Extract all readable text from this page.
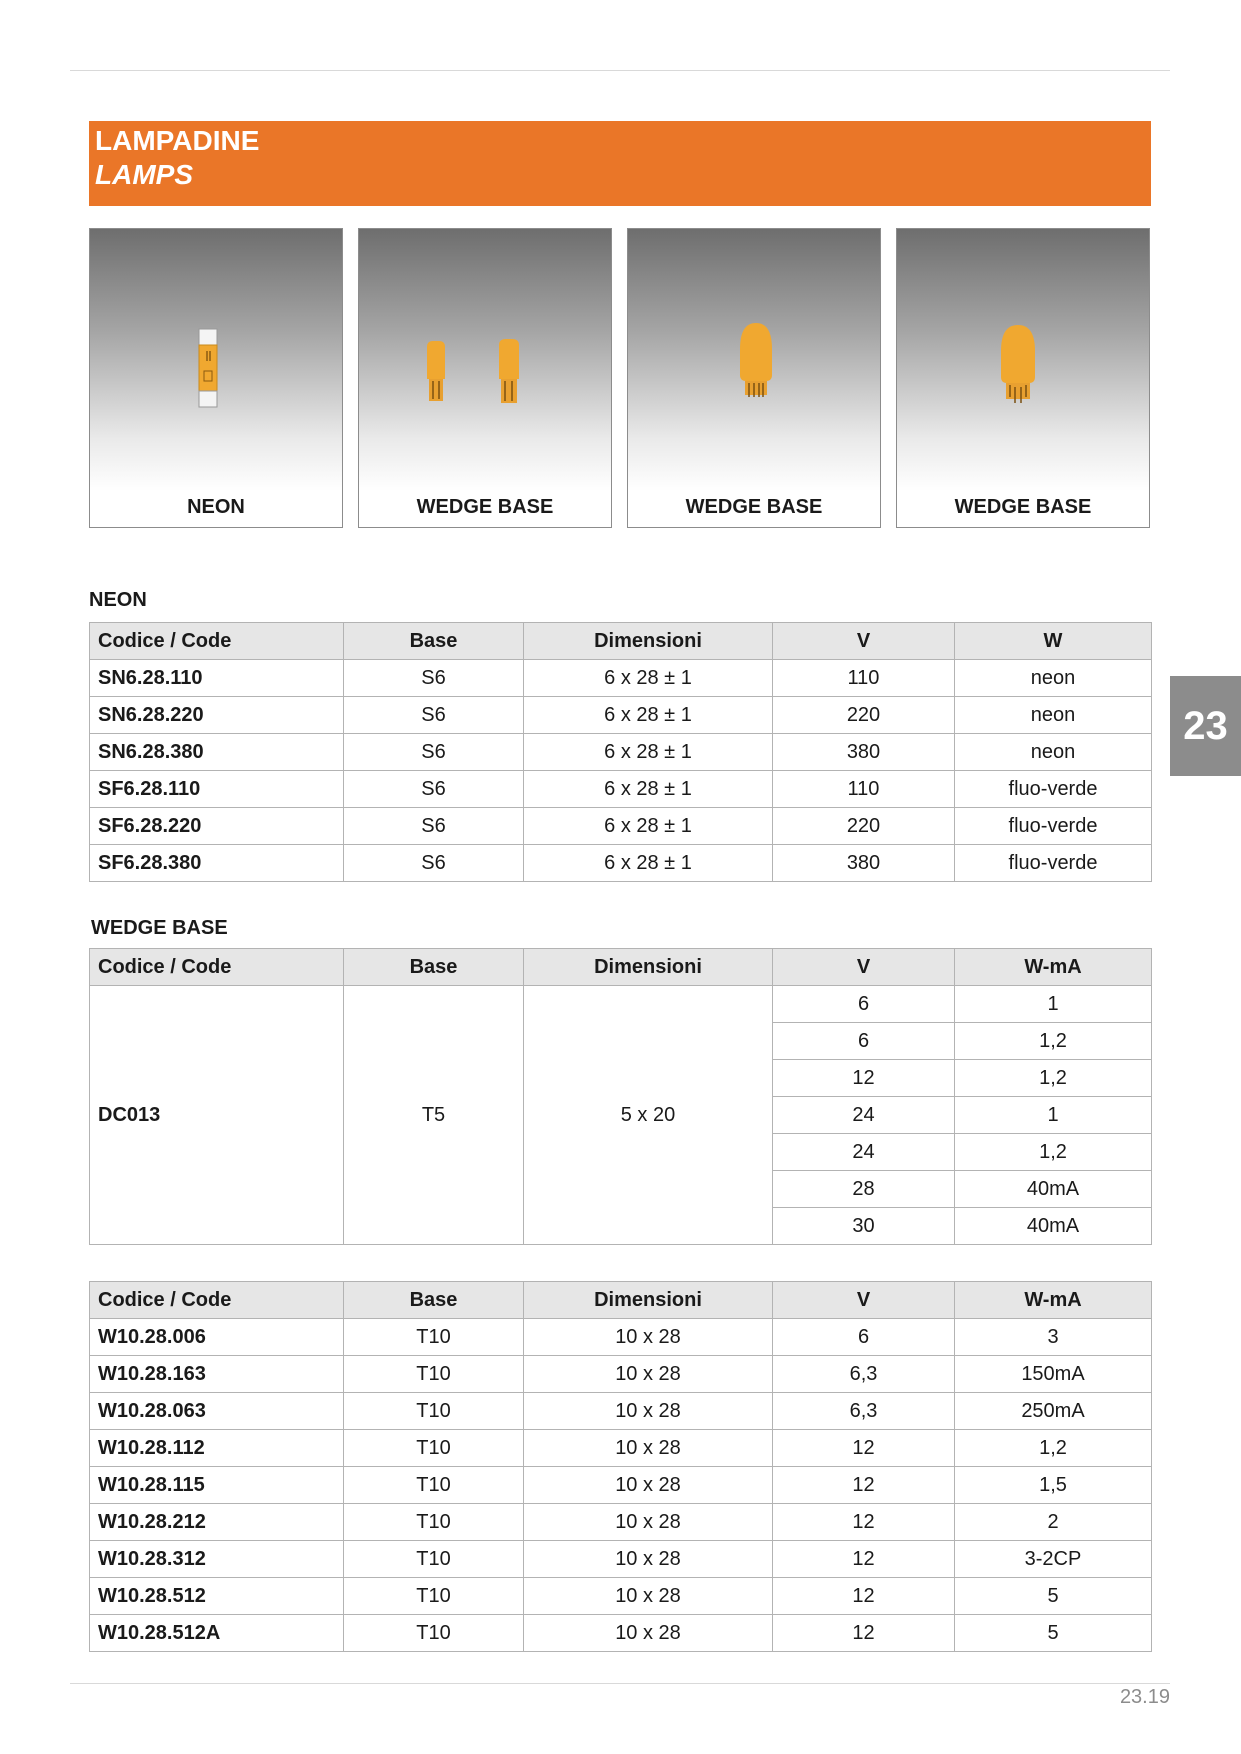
LAMPADINE
LAMPS
NEON	WEDGE BASE	WEDGE BASE	WEDGE BASE
NEON
Codice / Code	Base	Dimensioni	V	W
SN6.28.110	S6	6 x 28 ± 1	110	neon
SN6.28.220	S6	6 x 28 ± 1	220	neon
SN6.28.380	S6	6 x 28 ± 1	380	neon
SF6.28.110	S6	6 x 28 ± 1	110	fluo-verde
SF6.28.220	S6	6 x 28 ± 1	220	fluo-verde
SF6.28.380	S6	6 x 28 ± 1	380	fluo-verde
WEDGE BASE
Codice / Code	Base	Dimensioni	V	W-mA
DC013	T5	5 x 20	6	1
			6	1,2
			12	1,2
			24	1
			24	1,2
			28	40mA
			30	40mA
Codice / Code	Base	Dimensioni	V	W-mA
W10.28.006	T10	10 x 28	6	3
W10.28.163	T10	10 x 28	6,3	150mA
W10.28.063	T10	10 x 28	6,3	250mA
W10.28.112	T10	10 x 28	12	1,2
W10.28.115	T10	10 x 28	12	1,5
W10.28.212	T10	10 x 28	12	2
W10.28.312	T10	10 x 28	12	3-2CP
W10.28.512	T10	10 x 28	12	5
W10.28.512A	T10	10 x 28	12	5
23
23.19
